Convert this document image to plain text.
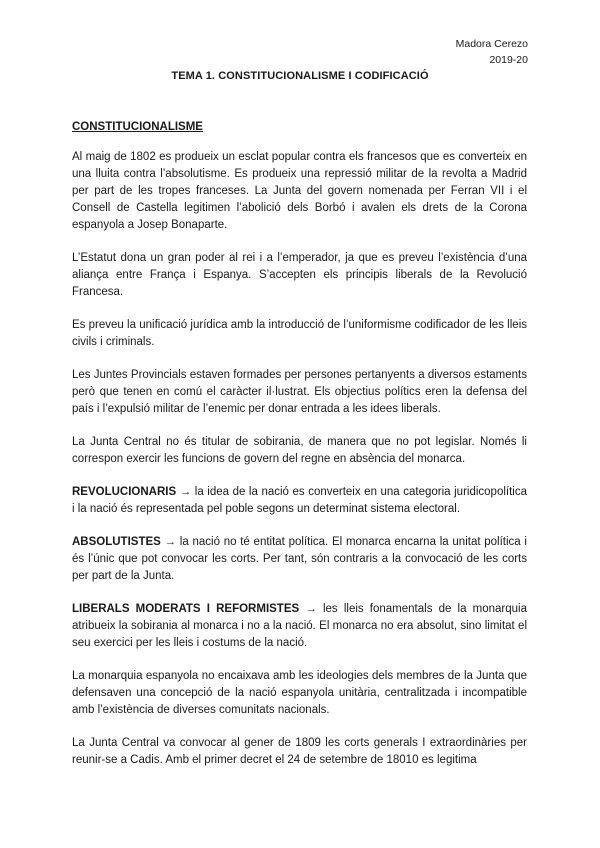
Madora Cerezo
2019-20
TEMA 1. CONSTITUCIONALISME I CODIFICACIÓ
CONSTITUCIONALISME

Al maig de 1802 es produeix un esclat popular contra els francesos que es converteix en una lluita contra l’absolutisme. Es produeix una repressió militar de la revolta a Madrid per part de les tropes franceses. La Junta del govern nomenada per Ferran VII i el Consell de Castella legitimen l’abolició dels Borbó i avalen els drets de la Corona espanyola a Josep Bonaparte.

L’Estatut dona un gran poder al rei i a l’emperador, ja que es preveu l’existència d’una aliança entre França i Espanya. S’accepten els principis liberals de la Revolució Francesa.

Es preveu la unificació jurídica amb la introducció de l’uniformisme codificador de les lleis civils i criminals.

Les Juntes Provincials estaven formades per persones pertanyents a diversos estaments però que tenen en comú el caràcter il·lustrat. Els objectius polítics eren la defensa del país i l’expulsió militar de l’enemic per donar entrada a les idees liberals.

La Junta Central no és titular de sobirania, de manera que no pot legislar. Només li correspon exercir les funcions de govern del regne en absència del monarca.

REVOLUCIONARIS → la idea de la nació es converteix en una categoria juridicopolítica i la nació és representada pel poble segons un determinat sistema electoral.

ABSOLUTISTES → la nació no té entitat política. El monarca encarna la unitat política i és l’únic que pot convocar les corts. Per tant, són contraris a la convocació de les corts per part de la Junta.

LIBERALS MODERATS I REFORMISTES → les lleis fonamentals de la monarquia atribueix la sobirania al monarca i no a la nació. El monarca no era absolut, sino limitat el seu exercici per les lleis i costums de la nació.

La monarquia espanyola no encaixava amb les ideologies dels membres de la Junta que defensaven una concepció de la nació espanyola unitària, centralitzada i incompatible amb l’existència de diverses comunitats nacionals.

La Junta Central va convocar al gener de 1809 les corts generals I extraordinàries per reunir-se a Cadis. Amb el primer decret el 24 de setembre de 18010 es legitima
